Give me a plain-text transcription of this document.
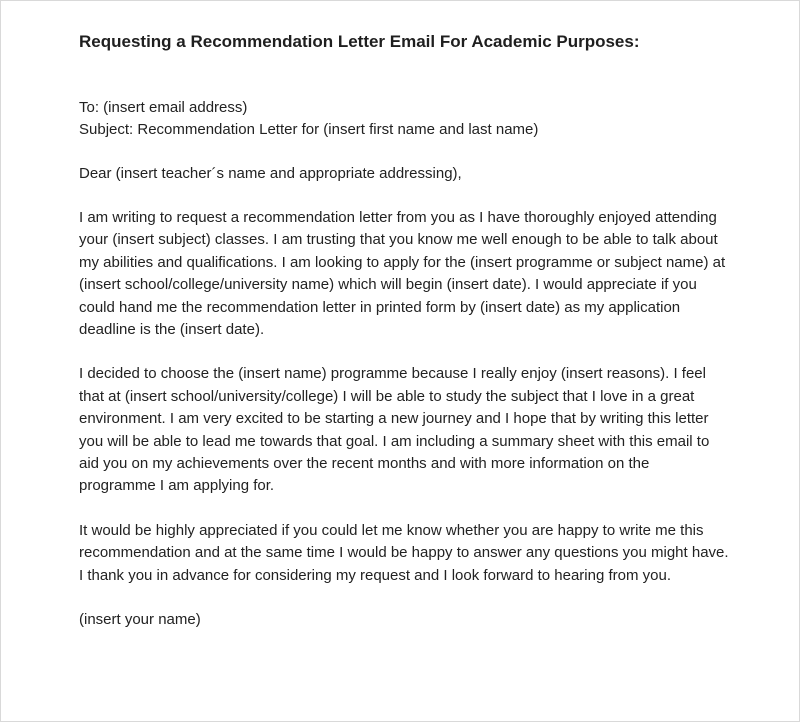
Requesting a Recommendation Letter Email For Academic Purposes:
To: (insert email address)
Subject: Recommendation Letter for (insert first name and last name)
Dear (insert teacher´s name and appropriate addressing),
I am writing to request a recommendation letter from you as I have thoroughly enjoyed attending your (insert subject) classes. I am trusting that you know me well enough to be able to talk about my abilities and qualifications. I am looking to apply for the (insert programme or subject name) at (insert school/college/university name) which will begin (insert date). I would appreciate if you could hand me the recommendation letter in printed form by (insert date) as my application deadline is the (insert date).
I decided to choose the (insert name) programme because I really enjoy (insert reasons). I feel that at (insert school/university/college) I will be able to study the subject that I love in a great environment. I am very excited to be starting a new journey and I hope that by writing this letter you will be able to lead me towards that goal. I am including a summary sheet with this email to aid you on my achievements over the recent months and with more information on the programme I am applying for.
It would be highly appreciated if you could let me know whether you are happy to write me this recommendation and at the same time I would be happy to answer any questions you might have. I thank you in advance for considering my request and I look forward to hearing from you.
(insert your name)
